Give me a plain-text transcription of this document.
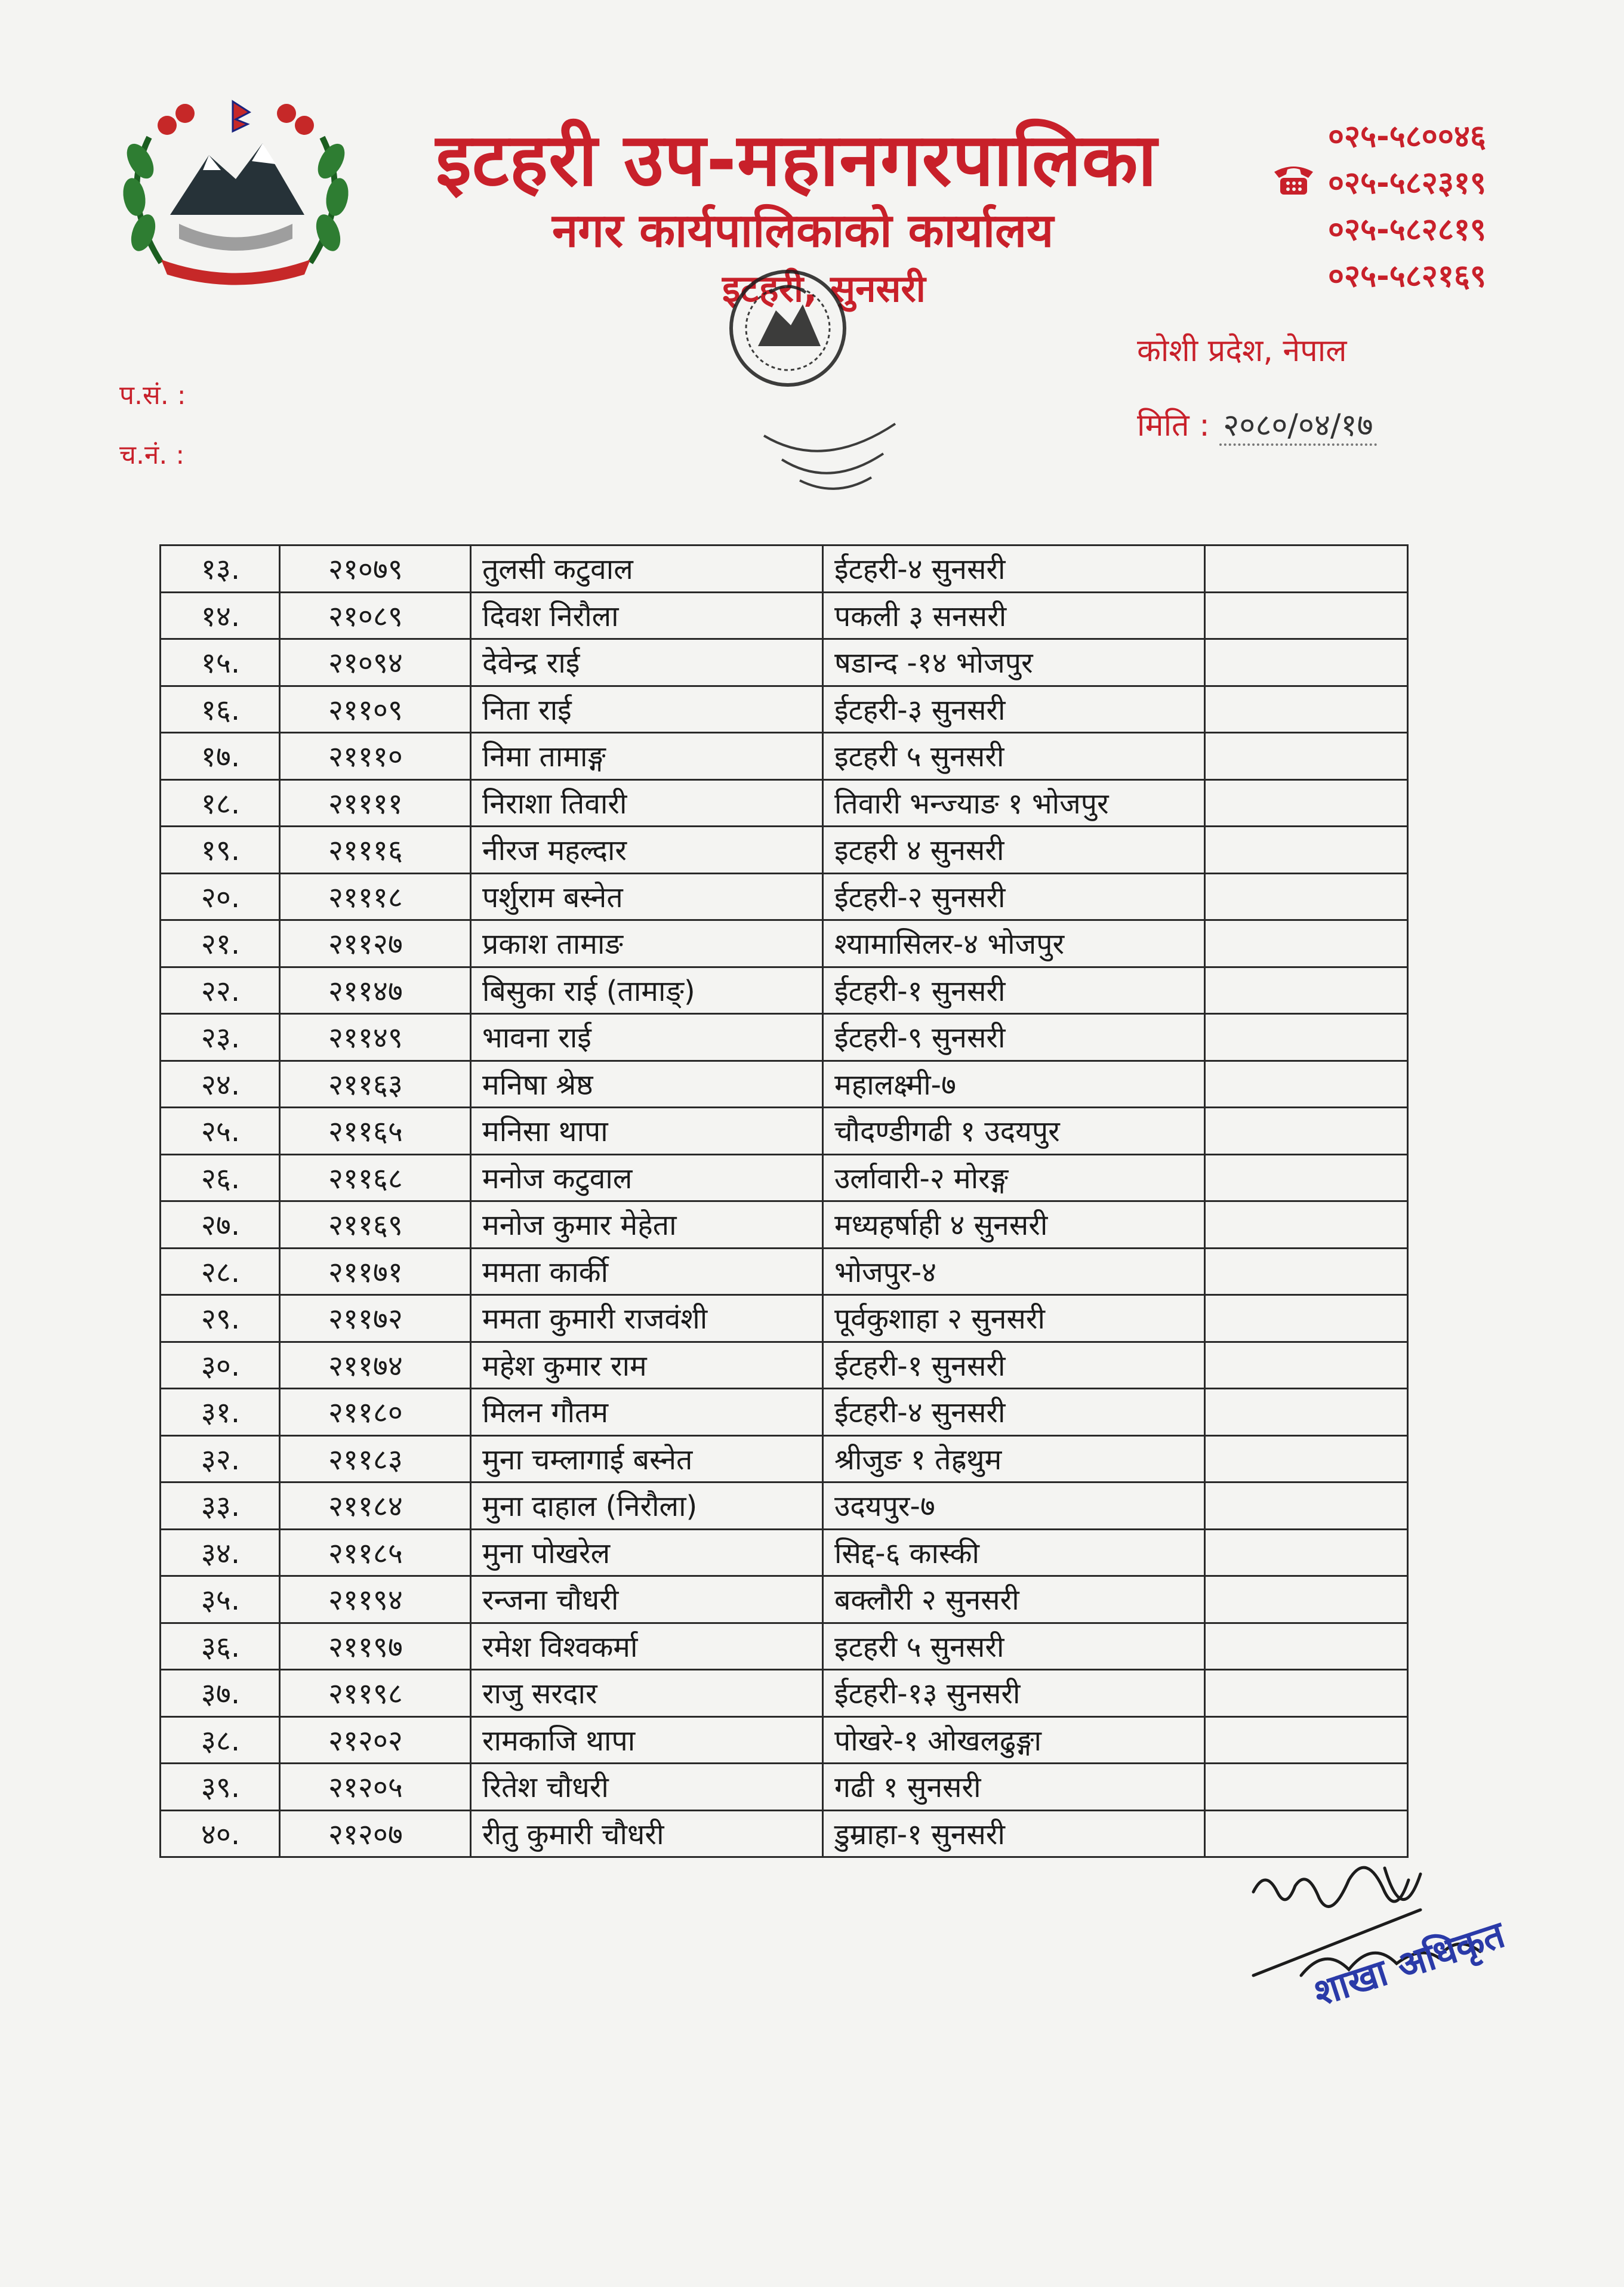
इटहरी उप-महानगरपालिका
नगर कार्यपालिकाको कार्यालय
इटहरी, सुनसरी
०२५-५८००४६
०२५-५८२३१९
०२५-५८२८१९
०२५-५८२१६९
कोशी प्रदेश, नेपाल
मिति : २०८०/०४/१७
प.सं. :
च.नं. :
१३.	२१०७९	तुलसी कटुवाल	ईटहरी-४ सुनसरी	
१४.	२१०८९	दिवश निरौला	पकली ३ सनसरी	
१५.	२१०९४	देवेन्द्र राई	षडान्द -१४ भोजपुर	
१६.	२११०९	निता राई	ईटहरी-३ सुनसरी	
१७.	२१११०	निमा तामाङ्ग	इटहरी ५ सुनसरी	
१८.	२११११	निराशा तिवारी	तिवारी भन्ज्याङ १ भोजपुर	
१९.	२१११६	नीरज महल्दार	इटहरी ४ सुनसरी	
२०.	२१११८	पर्शुराम बस्नेत	ईटहरी-२ सुनसरी	
२१.	२११२७	प्रकाश तामाङ	श्यामासिलर-४ भोजपुर	
२२.	२११४७	बिसुका राई (तामाङ्)	ईटहरी-१ सुनसरी	
२३.	२११४९	भावना राई	ईटहरी-९ सुनसरी	
२४.	२११६३	मनिषा श्रेष्ठ	महालक्ष्मी-७	
२५.	२११६५	मनिसा थापा	चौदण्डीगढी १ उदयपुर	
२६.	२११६८	मनोज कटुवाल	उर्लावारी-२ मोरङ्ग	
२७.	२११६९	मनोज कुमार मेहेता	मध्यहर्षाही ४ सुनसरी	
२८.	२११७१	ममता कार्की	भोजपुर-४	
२९.	२११७२	ममता कुमारी राजवंशी	पूर्वकुशाहा २ सुनसरी	
३०.	२११७४	महेश कुमार राम	ईटहरी-१ सुनसरी	
३१.	२११८०	मिलन गौतम	ईटहरी-४ सुनसरी	
३२.	२११८३	मुना चम्लागाई बस्नेत	श्रीजुङ १ तेह्रथुम	
३३.	२११८४	मुना दाहाल (निरौला)	उदयपुर-७	
३४.	२११८५	मुना पोखरेल	सिद्द-६ कास्की	
३५.	२११९४	रन्जना चौधरी	बक्लौरी २ सुनसरी	
३६.	२११९७	रमेश विश्वकर्मा	इटहरी ५ सुनसरी	
३७.	२११९८	राजु सरदार	ईटहरी-१३ सुनसरी	
३८.	२१२०२	रामकाजि थापा	पोखरे-१ ओखलढुङ्गा	
३९.	२१२०५	रितेश चौधरी	गढी १ सुनसरी	
४०.	२१२०७	रीतु कुमारी चौधरी	डुम्राहा-१ सुनसरी	
शाखा अधिकृत
